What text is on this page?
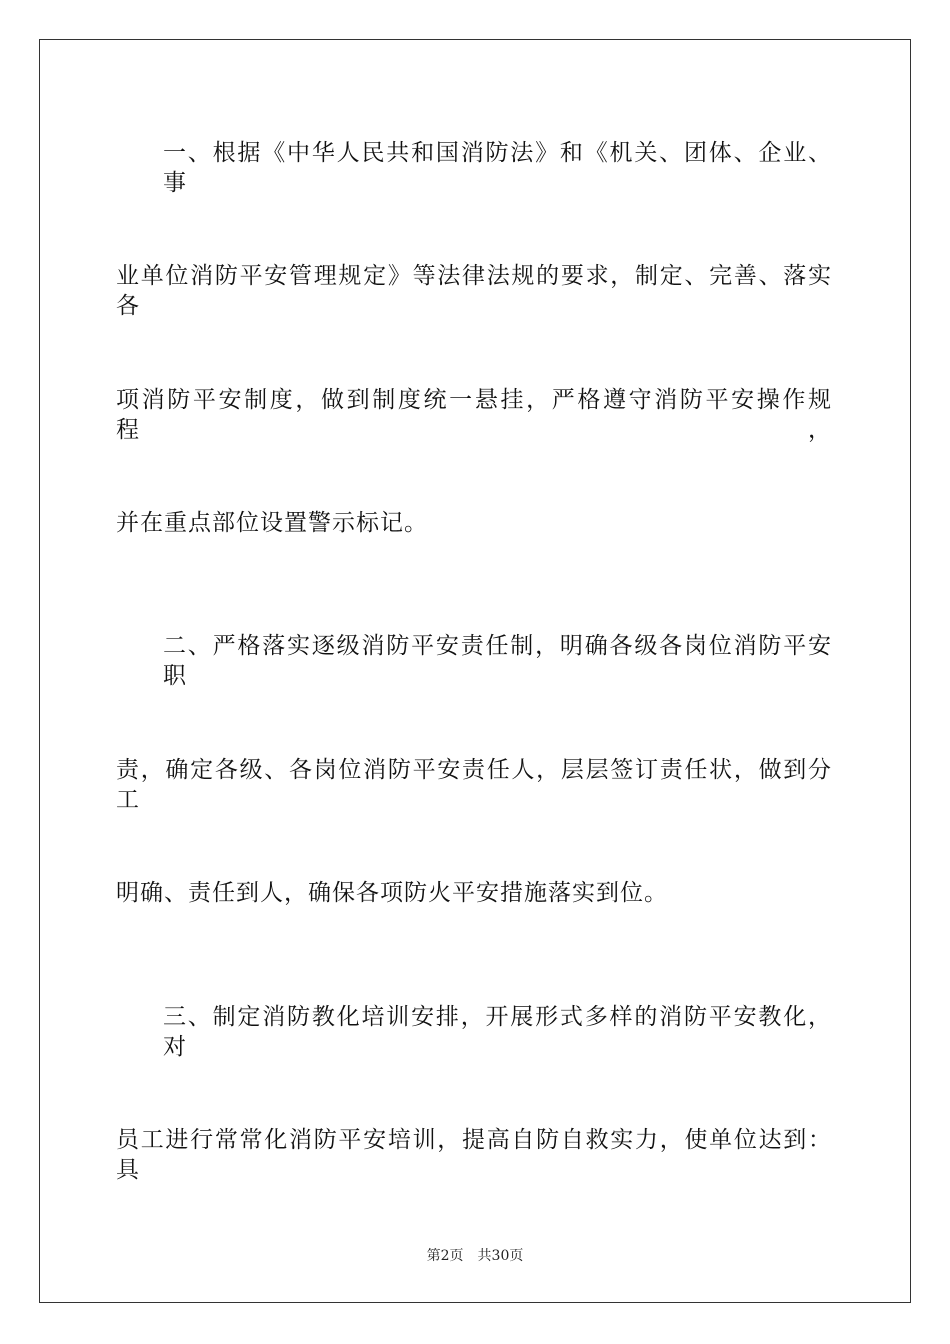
一、根据《中华人民共和国消防法》和《机关、团体、企业、事
业单位消防平安管理规定》等法律法规的要求，制定、完善、落实各
项消防平安制度，做到制度统一悬挂，严格遵守消防平安操作规程，
并在重点部位设置警示标记。
二、严格落实逐级消防平安责任制，明确各级各岗位消防平安职
责，确定各级、各岗位消防平安责任人，层层签订责任状，做到分工
明确、责任到人，确保各项防火平安措施落实到位。
三、制定消防教化培训安排，开展形式多样的消防平安教化，对
员工进行常常化消防平安培训，提高自防自救实力，使单位达到：具
第2页 共30页
